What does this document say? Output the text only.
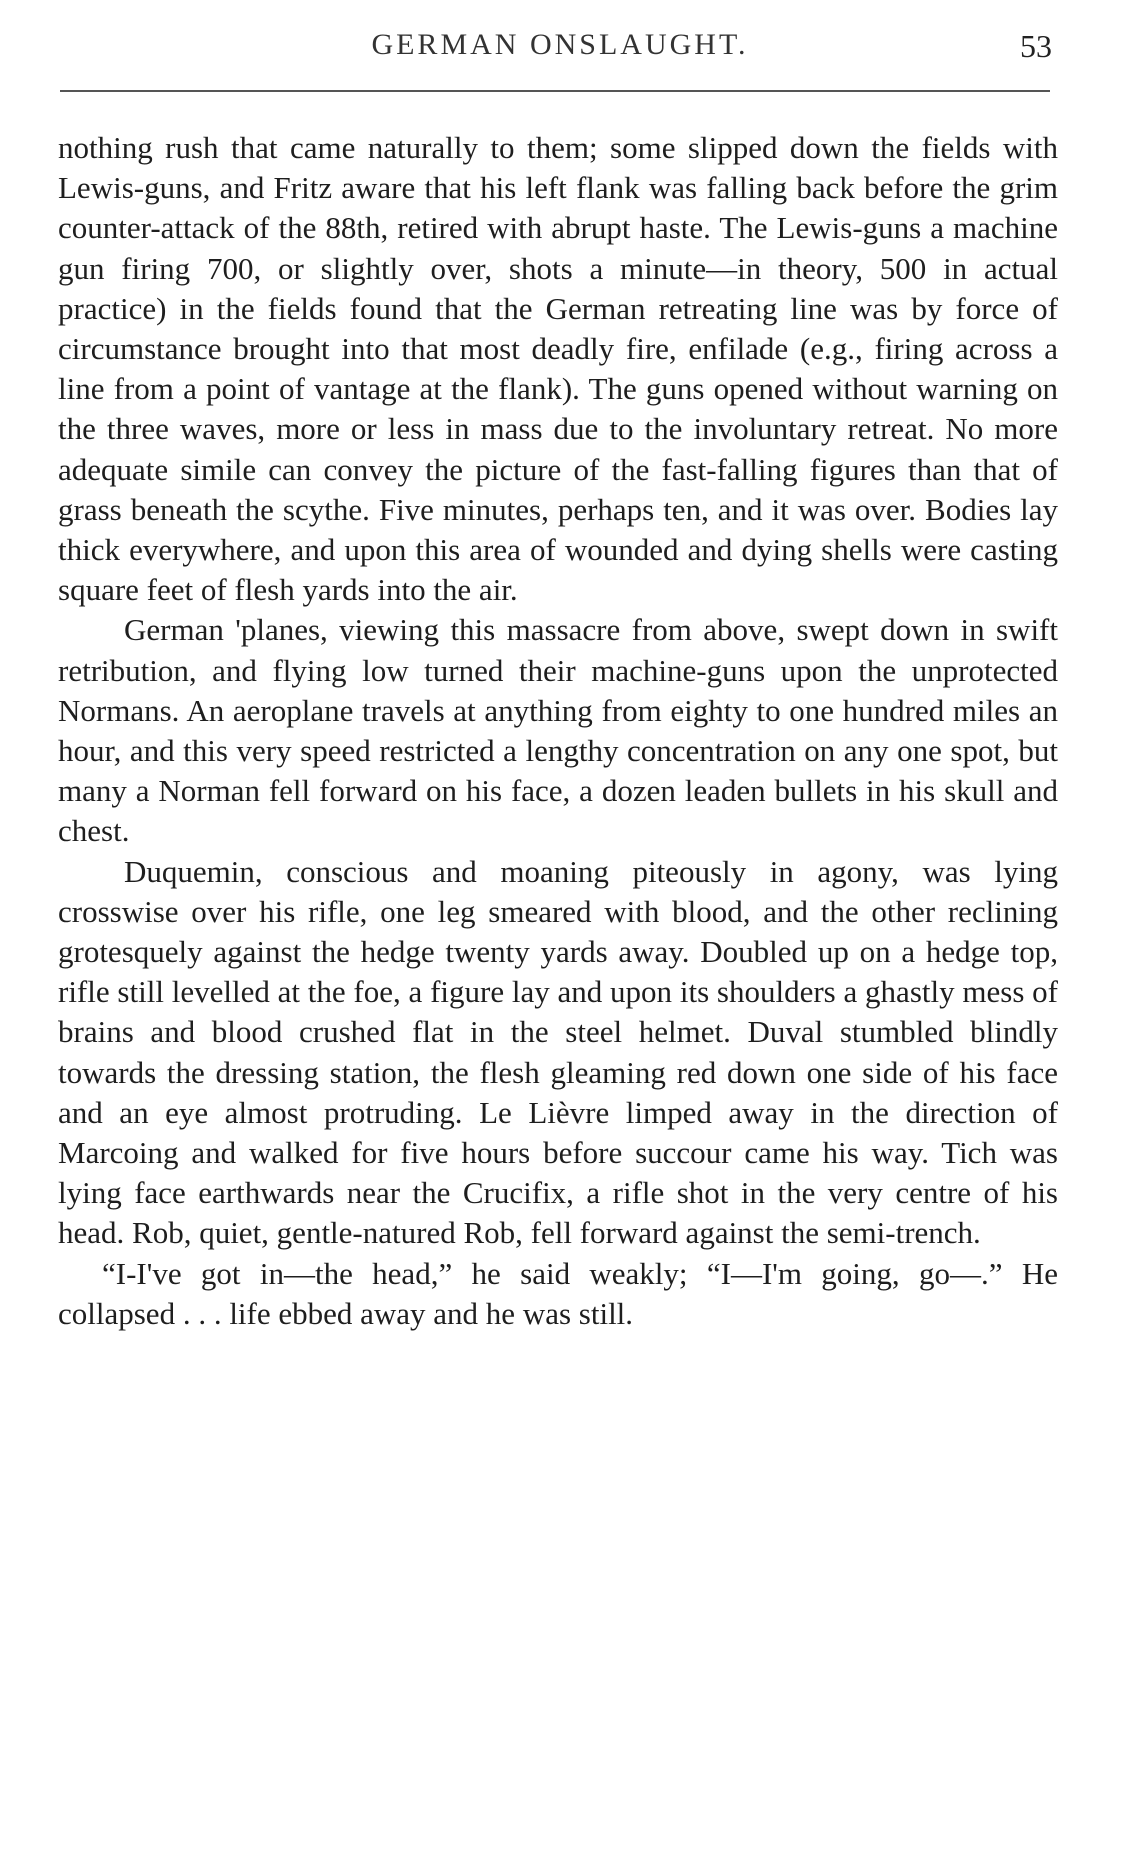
GERMAN ONSLAUGHT.	53

nothing rush that came naturally to them; some slipped down the fields with Lewis-guns, and Fritz aware that his left flank was falling back before the grim counter-attack of the 88th, retired with abrupt haste. The Lewis-guns a machine gun firing 700, or slightly over, shots a minute—in theory, 500 in actual practice) in the fields found that the German retreating line was by force of circumstance brought into that most deadly fire, enfilade (e.g., firing across a line from a point of vantage at the flank). The guns opened without warning on the three waves, more or less in mass due to the involuntary retreat. No more adequate simile can convey the picture of the fast-falling figures than that of grass beneath the scythe. Five minutes, perhaps ten, and it was over. Bodies lay thick everywhere, and upon this area of wounded and dying shells were casting square feet of flesh yards into the air.

German 'planes, viewing this massacre from above, swept down in swift retribution, and flying low turned their machine-guns upon the unprotected Normans. An aeroplane travels at anything from eighty to one hundred miles an hour, and this very speed restricted a lengthy concentration on any one spot, but many a Norman fell forward on his face, a dozen leaden bullets in his skull and chest.

Duquemin, conscious and moaning piteously in agony, was lying crosswise over his rifle, one leg smeared with blood, and the other reclining grotesquely against the hedge twenty yards away. Doubled up on a hedge top, rifle still levelled at the foe, a figure lay and upon its shoulders a ghastly mess of brains and blood crushed flat in the steel helmet. Duval stumbled blindly towards the dressing station, the flesh gleaming red down one side of his face and an eye almost protruding. Le Lièvre limped away in the direction of Marcoing and walked for five hours before succour came his way. Tich was lying face earthwards near the Crucifix, a rifle shot in the very centre of his head. Rob, quiet, gentle-natured Rob, fell forward against the semi-trench.

“I-I've got in—the head,” he said weakly; “I—I'm going, go—.” He collapsed . . . life ebbed away and he was still.
